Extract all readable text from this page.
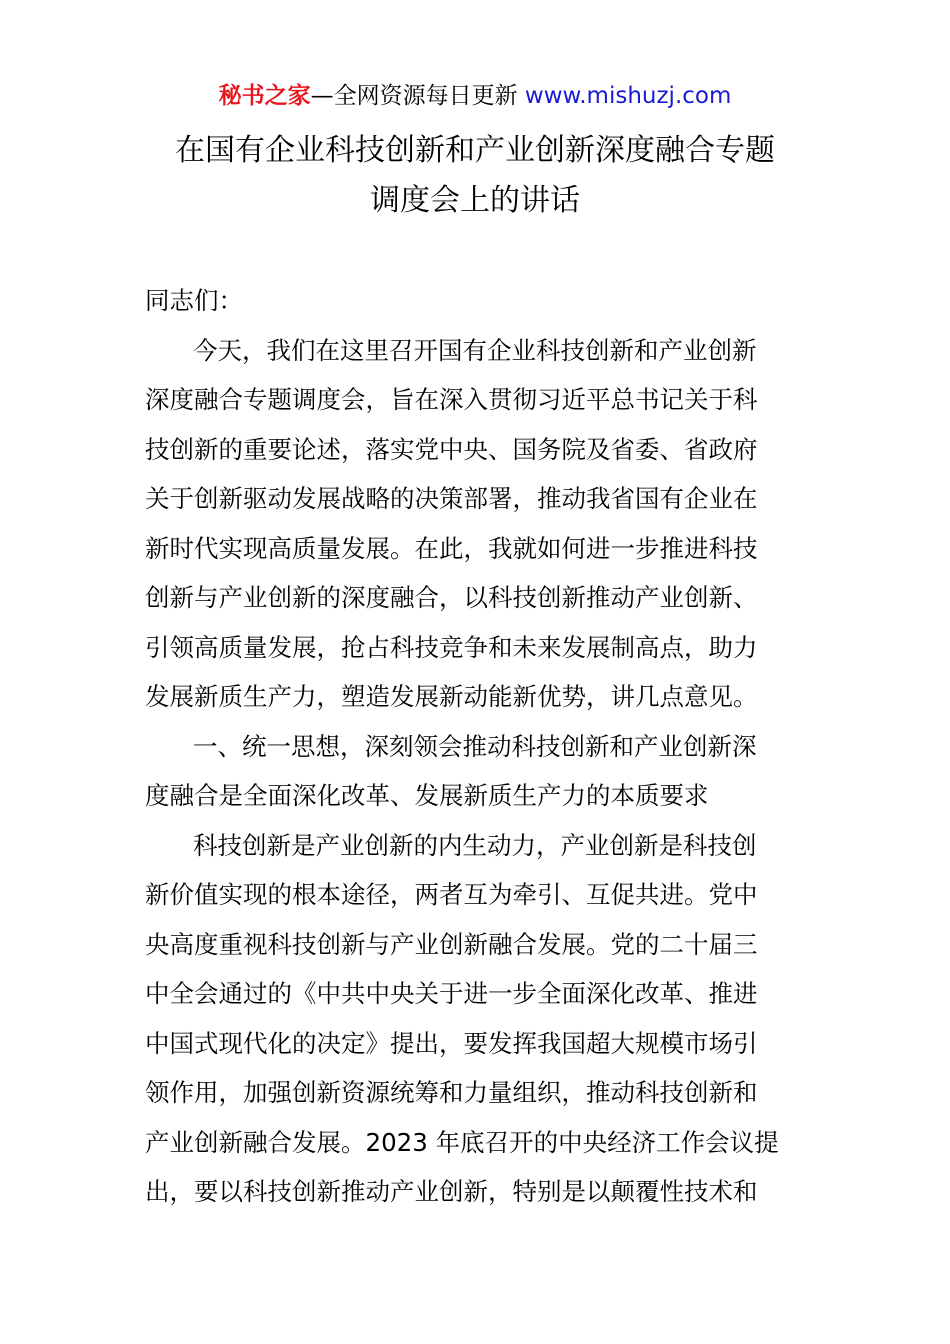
秘书之家—全网资源每日更新 www.mishuzj.com
在国有企业科技创新和产业创新深度融合专题
调度会上的讲话
同志们：
今天，我们在这里召开国有企业科技创新和产业创新
深度融合专题调度会，旨在深入贯彻习近平总书记关于科
技创新的重要论述，落实党中央、国务院及省委、省政府
关于创新驱动发展战略的决策部署，推动我省国有企业在
新时代实现高质量发展。在此，我就如何进一步推进科技
创新与产业创新的深度融合，以科技创新推动产业创新、
引领高质量发展，抢占科技竞争和未来发展制高点，助力
发展新质生产力，塑造发展新动能新优势，讲几点意见。
一、统一思想，深刻领会推动科技创新和产业创新深
度融合是全面深化改革、发展新质生产力的本质要求
科技创新是产业创新的内生动力，产业创新是科技创
新价值实现的根本途径，两者互为牵引、互促共进。党中
央高度重视科技创新与产业创新融合发展。党的二十届三
中全会通过的《中共中央关于进一步全面深化改革、推进
中国式现代化的决定》提出，要发挥我国超大规模市场引
领作用，加强创新资源统筹和力量组织，推动科技创新和
产业创新融合发展。2023 年底召开的中央经济工作会议提
出，要以科技创新推动产业创新，特别是以颠覆性技术和
